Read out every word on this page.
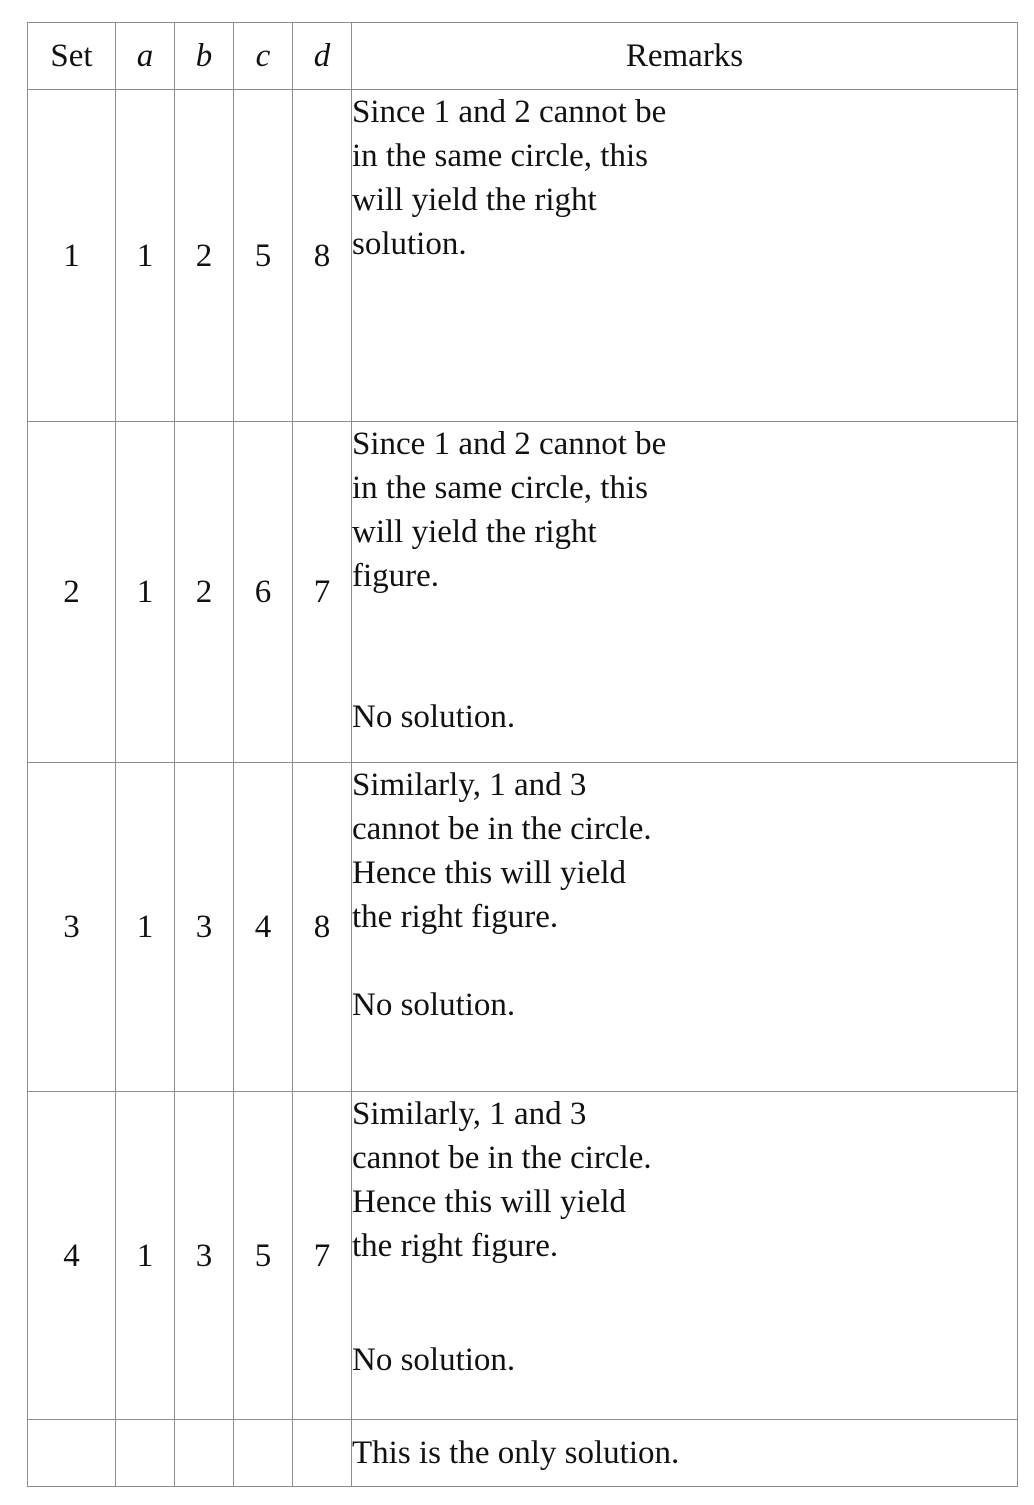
Set	a	b	c	d	Remarks
1	1	2	5	8	Since 1 and 2 cannot be
in the same circle, this
will yield the right
solution.

2	1	2	6	7	Since 1 and 2 cannot be
in the same circle, this
will yield the right
figure.
No solution.

3	1	3	4	8	Similarly, 1 and 3
cannot be in the circle.
Hence this will yield
the right figure.
No solution.

4	1	3	5	7	Similarly, 1 and 3
cannot be in the circle.
Hence this will yield
the right figure.
No solution.

					This is the only solution.
